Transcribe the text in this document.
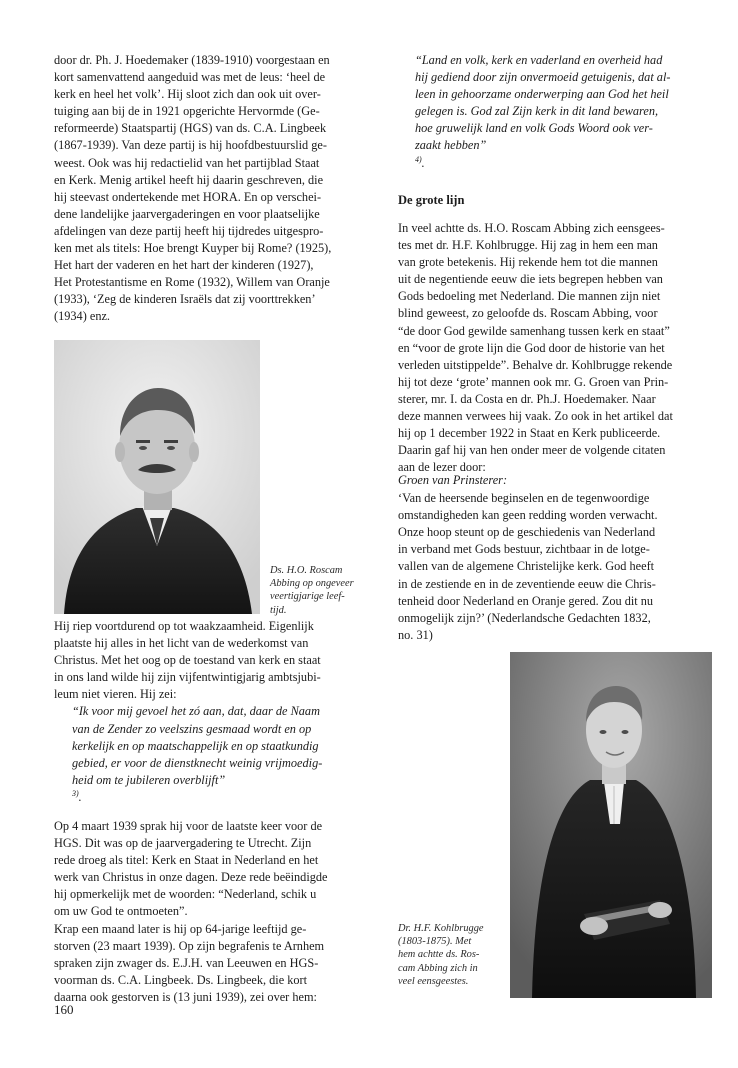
door dr. Ph. J. Hoedemaker (1839-1910) voorgestaan en
kort samenvattend aangeduid was met de leus: ‘heel de
kerk en heel het volk’. Hij sloot zich dan ook uit over-
tuiging aan bij de in 1921 opgerichte Hervormde (Ge-
reformeerde) Staatspartij (HGS) van ds. C.A. Lingbeek
(1867-1939). Van deze partij is hij hoofdbestuurslid ge-
weest. Ook was hij redactielid van het partijblad Staat
en Kerk. Menig artikel heeft hij daarin geschreven, die
hij steevast ondertekende met HORA. En op verschei-
dene landelijke jaarvergaderingen en voor plaatselijke
afdelingen van deze partij heeft hij tijdredes uitgespro-
ken met als titels: Hoe brengt Kuyper bij Rome? (1925),
Het hart der vaderen en het hart der kinderen (1927),
Het Protestantisme en Rome (1932), Willem van Oranje
(1933), ‘Zeg de kinderen Israëls dat zij voorttrekken’
(1934) enz.

Ds. H.O. Roscam
Abbing op ongeveer
veertigjarige leef-
tijd.

Hij riep voortdurend op tot waakzaamheid. Eigenlijk
plaatste hij alles in het licht van de wederkomst van
Christus. Met het oog op de toestand van kerk en staat
in ons land wilde hij zijn vijfentwintigjarig ambtsjubi-
leum niet vieren. Hij zei:

“Ik voor mij gevoel het zó aan, dat, daar de Naam
van de Zender zo veelszins gesmaad wordt en op
kerkelijk en op maatschappelijk en op staatkundig
gebied, er voor de dienstknecht weinig vrijmoedig-
heid om te jubileren overblijft”
$^{3)}$.

Op 4 maart 1939 sprak hij voor de laatste keer voor de
HGS. Dit was op de jaarvergadering te Utrecht. Zijn
rede droeg als titel: Kerk en Staat in Nederland en het
werk van Christus in onze dagen. Deze rede beëindigde
hij opmerkelijk met de woorden: “Nederland, schik u
om uw God te ontmoeten”.
Krap een maand later is hij op 64-jarige leeftijd ge-
storven (23 maart 1939). Op zijn begrafenis te Arnhem
spraken zijn zwager ds. E.J.H. van Leeuwen en HGS-
voorman ds. C.A. Lingbeek. Ds. Lingbeek, die kort
daarna ook gestorven is (13 juni 1939), zei over hem:

“Land en volk, kerk en vaderland en overheid had
hij gediend door zijn onvermoeid getuigenis, dat al-
leen in gehoorzame onderwerping aan God het heil
gelegen is. God zal Zijn kerk in dit land bewaren,
hoe gruwelijk land en volk Gods Woord ook ver-
zaakt hebben”
$^{4)}$.

De grote lijn

In veel achtte ds. H.O. Roscam Abbing zich eensgees-
tes met dr. H.F. Kohlbrugge. Hij zag in hem een man
van grote betekenis. Hij rekende hem tot die mannen
uit de negentiende eeuw die iets begrepen hebben van
Gods bedoeling met Nederland. Die mannen zijn niet
blind geweest, zo geloofde ds. Roscam Abbing, voor
“de door God gewilde samenhang tussen kerk en staat”
en “voor de grote lijn die God door de historie van het
verleden uitstippelde”. Behalve dr. Kohlbrugge rekende
hij tot deze ‘grote’ mannen ook mr. G. Groen van Prin-
sterer, mr. I. da Costa en dr. Ph.J. Hoedemaker. Naar
deze mannen verwees hij vaak. Zo ook in het artikel dat
hij op 1 december 1922 in Staat en Kerk publiceerde.
Daarin gaf hij van hen onder meer de volgende citaten
aan de lezer door:

Groen van Prinsterer:

‘Van de heersende beginselen en de tegenwoordige
omstandigheden kan geen redding worden verwacht.
Onze hoop steunt op de geschiedenis van Nederland
in verband met Gods bestuur, zichtbaar in de lotge-
vallen van de algemene Christelijke kerk. God heeft
in de zestiende en in de zeventiende eeuw die Chris-
tenheid door Nederland en Oranje gered. Zou dit nu
onmogelijk zijn?’ (Nederlandsche Gedachten 1832,
no. 31)

Dr. H.F. Kohlbrugge
(1803-1875). Met
hem achtte ds. Ros-
cam Abbing zich in
veel eensgeestes.
160
